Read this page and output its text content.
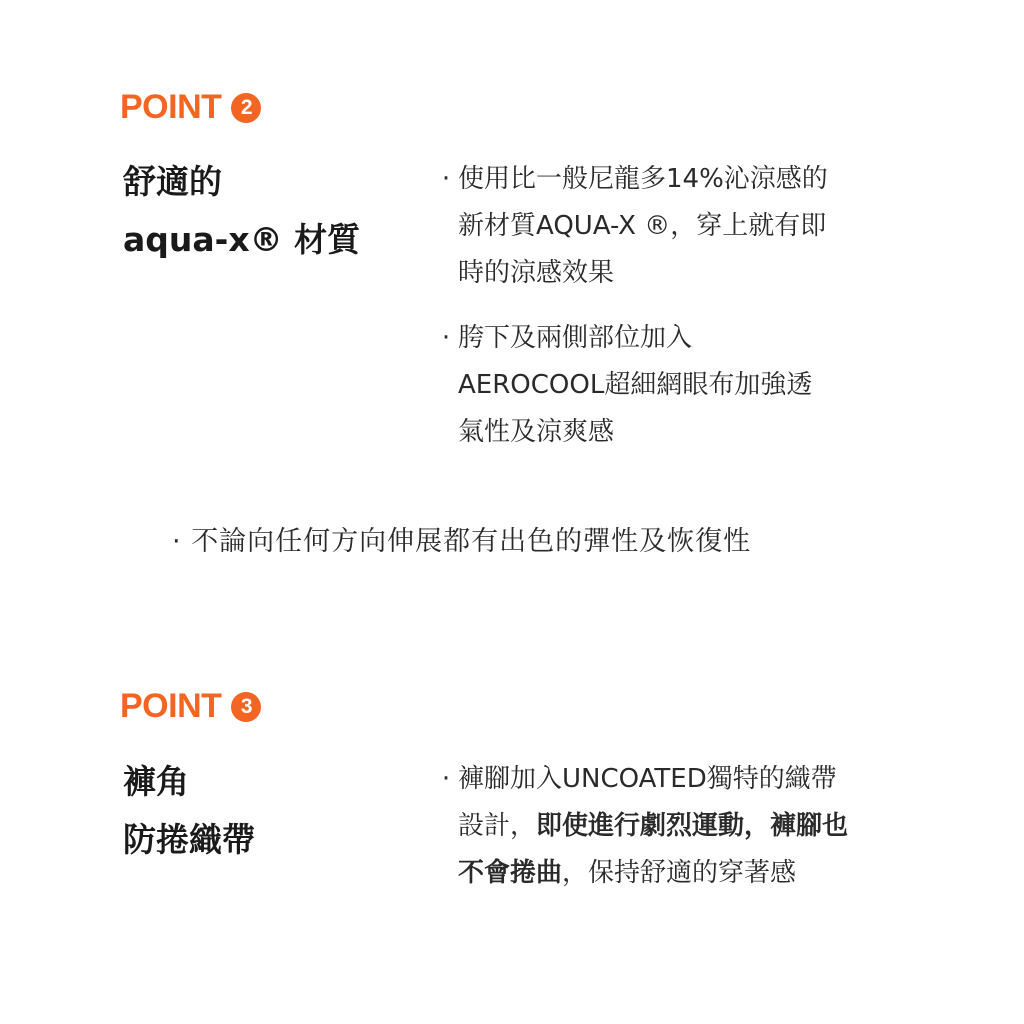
POINT 2
舒適的
aqua-x® 材質
· 使用比一般尼龍多14%沁涼感的
新材質AQUA-X ®，穿上就有即
時的涼感效果
· 胯下及兩側部位加入
AEROCOOL超細網眼布加強透
氣性及涼爽感
· 不論向任何方向伸展都有出色的彈性及恢復性
POINT 3
褲角
防捲織帶
· 褲腳加入UNCOATED獨特的織帶
設計，即使進行劇烈運動，褲腳也
不會捲曲，保持舒適的穿著感
